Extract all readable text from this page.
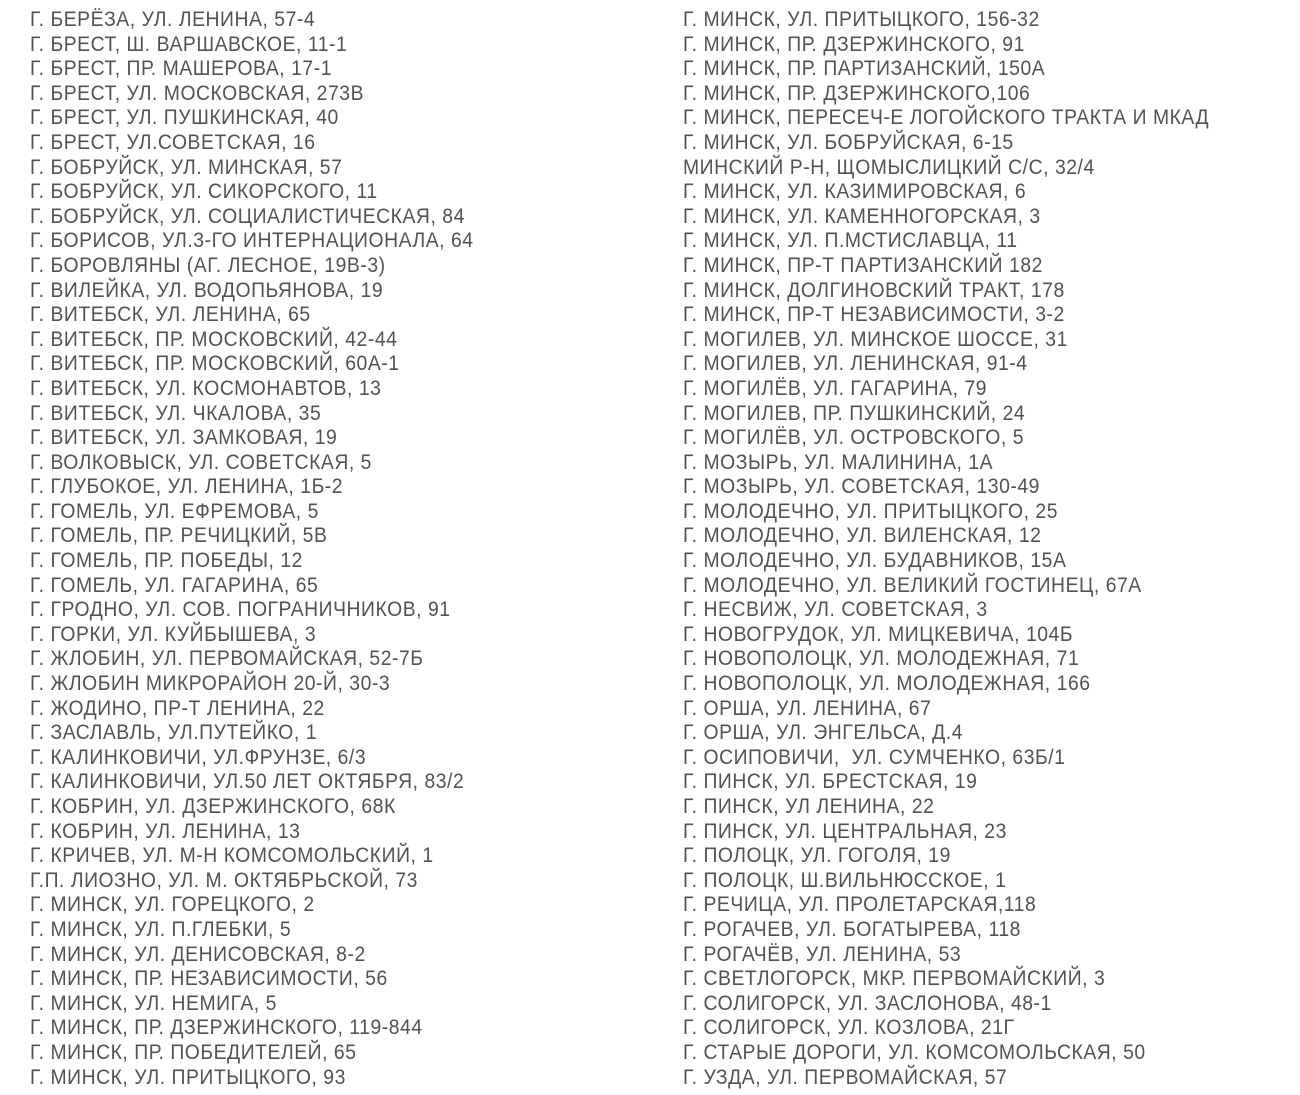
Г. БЕРЁЗА, УЛ. ЛЕНИНА, 57-4
Г. БРЕСТ, Ш. ВАРШАВСКОЕ, 11-1
Г. БРЕСТ, ПР. МАШЕРОВА, 17-1
Г. БРЕСТ, УЛ. МОСКОВСКАЯ, 273В
Г. БРЕСТ, УЛ. ПУШКИНСКАЯ, 40
Г. БРЕСТ, УЛ.СОВЕТСКАЯ, 16
Г. БОБРУЙСК, УЛ. МИНСКАЯ, 57
Г. БОБРУЙСК, УЛ. СИКОРСКОГО, 11
Г. БОБРУЙСК, УЛ. СОЦИАЛИСТИЧЕСКАЯ, 84
Г. БОРИСОВ, УЛ.3-ГО ИНТЕРНАЦИОНАЛА, 64
Г. БОРОВЛЯНЫ (АГ. ЛЕСНОЕ, 19В-3)
Г. ВИЛЕЙКА, УЛ. ВОДОПЬЯНОВА, 19
Г. ВИТЕБСК, УЛ. ЛЕНИНА, 65
Г. ВИТЕБСК, ПР. МОСКОВСКИЙ, 42-44
Г. ВИТЕБСК, ПР. МОСКОВСКИЙ, 60А-1
Г. ВИТЕБСК, УЛ. КОСМОНАВТОВ, 13
Г. ВИТЕБСК, УЛ. ЧКАЛОВА, 35
Г. ВИТЕБСК, УЛ. ЗАМКОВАЯ, 19
Г. ВОЛКОВЫСК, УЛ. СОВЕТСКАЯ, 5
Г. ГЛУБОКОЕ, УЛ. ЛЕНИНА, 1Б-2
Г. ГОМЕЛЬ, УЛ. ЕФРЕМОВА, 5
Г. ГОМЕЛЬ, ПР. РЕЧИЦКИЙ, 5В
Г. ГОМЕЛЬ, ПР. ПОБЕДЫ, 12
Г. ГОМЕЛЬ, УЛ. ГАГАРИНА, 65
Г. ГРОДНО, УЛ. СОВ. ПОГРАНИЧНИКОВ, 91
Г. ГОРКИ, УЛ. КУЙБЫШЕВА, 3
Г. ЖЛОБИН, УЛ. ПЕРВОМАЙСКАЯ, 52-7Б
Г. ЖЛОБИН МИКРОРАЙОН 20-Й, 30-3
Г. ЖОДИНО, ПР-Т ЛЕНИНА, 22
Г. ЗАСЛАВЛЬ, УЛ.ПУТЕЙКО, 1
Г. КАЛИНКОВИЧИ, УЛ.ФРУНЗЕ, 6/3
Г. КАЛИНКОВИЧИ, УЛ.50 ЛЕТ ОКТЯБРЯ, 83/2
Г. КОБРИН, УЛ. ДЗЕРЖИНСКОГО, 68К
Г. КОБРИН, УЛ. ЛЕНИНА, 13
Г. КРИЧЕВ, УЛ. М-Н КОМСОМОЛЬСКИЙ, 1
Г.П. ЛИОЗНО, УЛ. М. ОКТЯБРЬСКОЙ, 73
Г. МИНСК, УЛ. ГОРЕЦКОГО, 2
Г. МИНСК, УЛ. П.ГЛЕБКИ, 5
Г. МИНСК, УЛ. ДЕНИСОВСКАЯ, 8-2
Г. МИНСК, ПР. НЕЗАВИСИМОСТИ, 56
Г. МИНСК, УЛ. НЕМИГА, 5
Г. МИНСК, ПР. ДЗЕРЖИНСКОГО, 119-844
Г. МИНСК, ПР. ПОБЕДИТЕЛЕЙ, 65
Г. МИНСК, УЛ. ПРИТЫЦКОГО, 93
Г. МИНСК, УЛ. ПРИТЫЦКОГО, 156-32
Г. МИНСК, ПР. ДЗЕРЖИНСКОГО, 91
Г. МИНСК, ПР. ПАРТИЗАНСКИЙ, 150А
Г. МИНСК, ПР. ДЗЕРЖИНСКОГО,106
Г. МИНСК, ПЕРЕСЕЧ-Е ЛОГОЙСКОГО ТРАКТА И МКАД
Г. МИНСК, УЛ. БОБРУЙСКАЯ, 6-15
МИНСКИЙ Р-Н, ЩОМЫСЛИЦКИЙ С/С, 32/4
Г. МИНСК, УЛ. КАЗИМИРОВСКАЯ, 6
Г. МИНСК, УЛ. КАМЕННОГОРСКАЯ, 3
Г. МИНСК, УЛ. П.МСТИСЛАВЦА, 11
Г. МИНСК, ПР-Т ПАРТИЗАНСКИЙ 182
Г. МИНСК, ДОЛГИНОВСКИЙ ТРАКТ, 178
Г. МИНСК, ПР-Т НЕЗАВИСИМОСТИ, 3-2
Г. МОГИЛЕВ, УЛ. МИНСКОЕ ШОССЕ, 31
Г. МОГИЛЕВ, УЛ. ЛЕНИНСКАЯ, 91-4
Г. МОГИЛЁВ, УЛ. ГАГАРИНА, 79
Г. МОГИЛЕВ, ПР. ПУШКИНСКИЙ, 24
Г. МОГИЛЁВ, УЛ. ОСТРОВСКОГО, 5
Г. МОЗЫРЬ, УЛ. МАЛИНИНА, 1А
Г. МОЗЫРЬ, УЛ. СОВЕТСКАЯ, 130-49
Г. МОЛОДЕЧНО, УЛ. ПРИТЫЦКОГО, 25
Г. МОЛОДЕЧНО, УЛ. ВИЛЕНСКАЯ, 12
Г. МОЛОДЕЧНО, УЛ. БУДАВНИКОВ, 15А
Г. МОЛОДЕЧНО, УЛ. ВЕЛИКИЙ ГОСТИНЕЦ, 67А
Г. НЕСВИЖ, УЛ. СОВЕТСКАЯ, 3
Г. НОВОГРУДОК, УЛ. МИЦКЕВИЧА, 104Б
Г. НОВОПОЛОЦК, УЛ. МОЛОДЕЖНАЯ, 71
Г. НОВОПОЛОЦК, УЛ. МОЛОДЕЖНАЯ, 166
Г. ОРША, УЛ. ЛЕНИНА, 67
Г. ОРША, УЛ. ЭНГЕЛЬСА, Д.4
Г. ОСИПОВИЧИ,  УЛ. СУМЧЕНКО, 63Б/1
Г. ПИНСК, УЛ. БРЕСТСКАЯ, 19
Г. ПИНСК, УЛ ЛЕНИНА, 22
Г. ПИНСК, УЛ. ЦЕНТРАЛЬНАЯ, 23
Г. ПОЛОЦК, УЛ. ГОГОЛЯ, 19
Г. ПОЛОЦК, Ш.ВИЛЬНЮССКОЕ, 1
Г. РЕЧИЦА, УЛ. ПРОЛЕТАРСКАЯ,118
Г. РОГАЧЕВ, УЛ. БОГАТЫРЕВА, 118
Г. РОГАЧЁВ, УЛ. ЛЕНИНА, 53
Г. СВЕТЛОГОРСК, МКР. ПЕРВОМАЙСКИЙ, 3
Г. СОЛИГОРСК, УЛ. ЗАСЛОНОВА, 48-1
Г. СОЛИГОРСК, УЛ. КОЗЛОВА, 21Г
Г. СТАРЫЕ ДОРОГИ, УЛ. КОМСОМОЛЬСКАЯ, 50
Г. УЗДА, УЛ. ПЕРВОМАЙСКАЯ, 57
